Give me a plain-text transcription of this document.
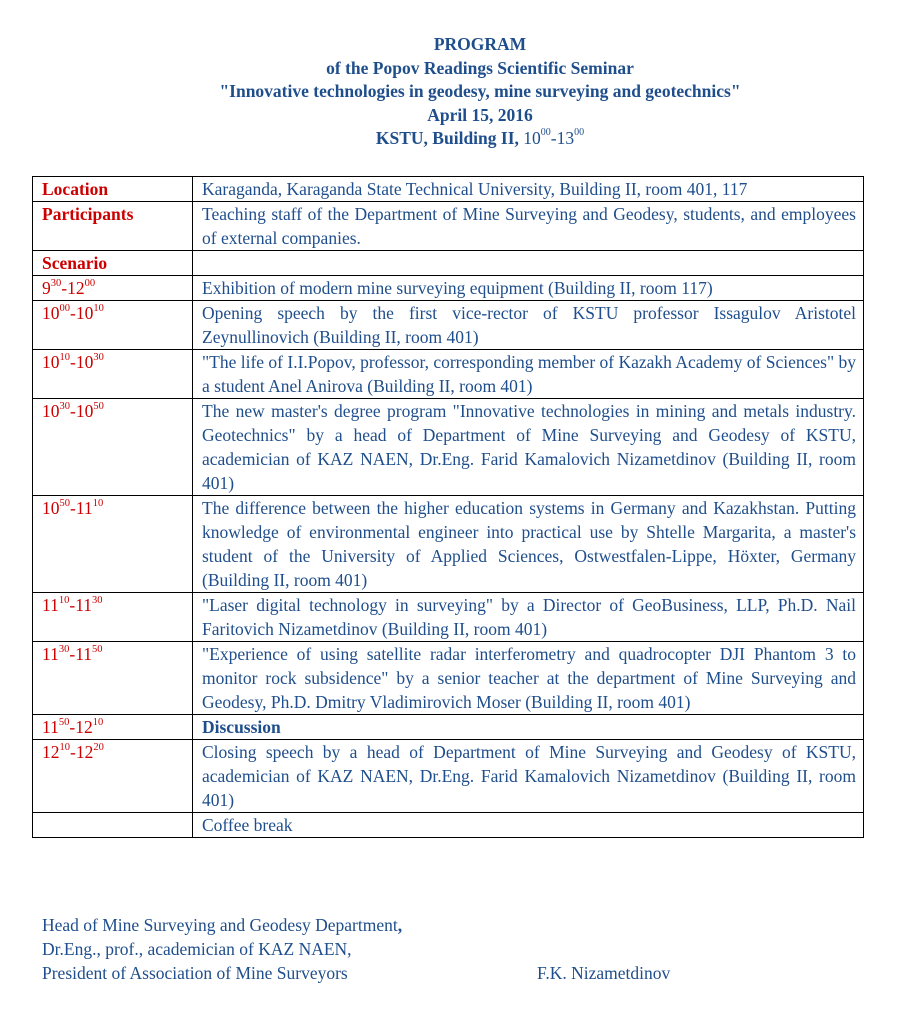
PROGRAM
of the Popov Readings Scientific Seminar
"Innovative technologies in geodesy, mine surveying and geotechnics"
April 15, 2016
KSTU, Building II, $10^{00}-13^{00}$
Location	Karaganda, Karaganda State Technical University, Building II, room 401, 117
Participants	Teaching staff of the Department of Mine Surveying and Geodesy, students, and employees of external companies.
Scenario	
$9^{30}-12^{00}$	Exhibition of modern mine surveying equipment (Building II, room 117)
$10^{00}-10^{10}$	Opening speech by the first vice-rector of KSTU professor Issagulov Aristotel Zeynullinovich (Building II, room 401)
$10^{10}-10^{30}$	"The life of I.I.Popov, professor, corresponding member of Kazakh Academy of Sciences" by a student Anel Anirova (Building II, room 401)
$10^{30}-10^{50}$	The new master's degree program "Innovative technologies in mining and metals industry. Geotechnics" by a head of Department of Mine Surveying and Geodesy of KSTU, academician of KAZ NAEN, Dr.Eng. Farid Kamalovich Nizametdinov (Building II, room 401)
$10^{50}-11^{10}$	The difference between the higher education systems in Germany and Kazakhstan. Putting knowledge of environmental engineer into practical use by Shtelle Margarita, a master's student of the University of Applied Sciences, Ostwestfalen-Lippe, Höxter, Germany (Building II, room 401)
$11^{10}-11^{30}$	"Laser digital technology in surveying" by a Director of GeoBusiness, LLP, Ph.D. Nail Faritovich Nizametdinov (Building II, room 401)
$11^{30}-11^{50}$	"Experience of using satellite radar interferometry and quadrocopter DJI Phantom 3 to monitor rock subsidence" by a senior teacher at the department of Mine Surveying and Geodesy, Ph.D. Dmitry Vladimirovich Moser (Building II, room 401)
$11^{50}-12^{10}$	Discussion
$12^{10}-12^{20}$	Closing speech by a head of Department of Mine Surveying and Geodesy of KSTU, academician of KAZ NAEN, Dr.Eng. Farid Kamalovich Nizametdinov (Building II, room 401)
	Coffee break
Head of Mine Surveying and Geodesy Department,
Dr.Eng., prof., academician of KAZ NAEN,
President of Association of Mine Surveyors	F.K. Nizametdinov
